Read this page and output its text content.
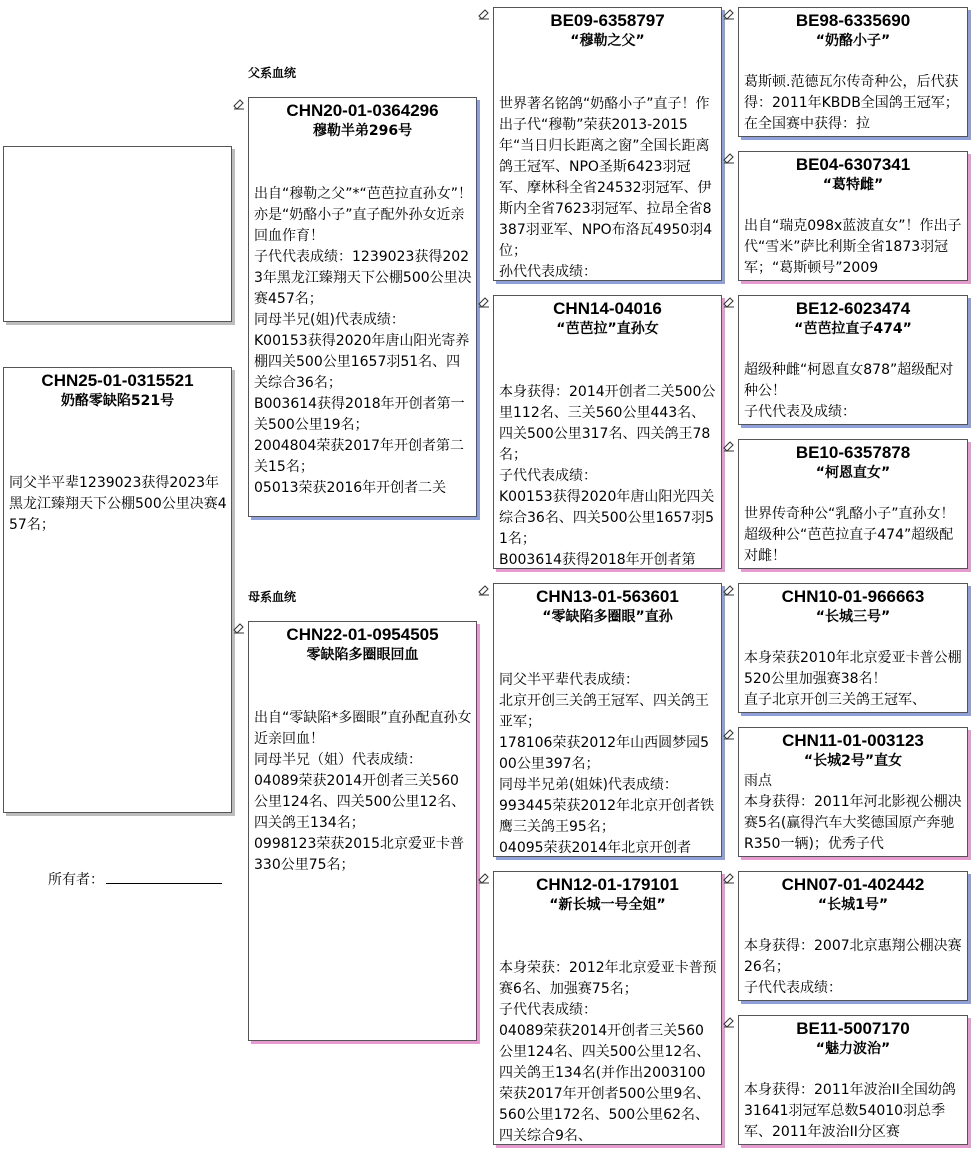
父系血统
母系血统
CHN25-01-0315521
奶酪零缺陷521号
同父半平辈1239023获得2023年黑龙江臻翔天下公棚500公里决赛457名；
所有者：
CHN20-01-0364296
穆勒半弟296号
出自“穆勒之父”*“芭芭拉直孙女”！
亦是“奶酪小子”直子配外孙女近亲回血作育！
子代代表成绩：1239023获得2023年黑龙江臻翔天下公棚500公里决赛457名；
同母半兄(姐)代表成绩：
K00153获得2020年唐山阳光寄养棚四关500公里1657羽51名、四关综合36名；
B003614获得2018年开创者第一关500公里19名；
2004804荣获2017年开创者第二关15名；
05013荣获2016年开创者二关
CHN22-01-0954505
零缺陷多圈眼回血
出自“零缺陷*多圈眼”直孙配直孙女近亲回血！
同母半兄（姐）代表成绩：
04089荣获2014开创者三关560公里124名、四关500公里12名、四关鸽王134名；
0998123荣获2015北京爱亚卡普330公里75名；
BE09-6358797
“穆勒之父”
世界著名铭鸽“奶酪小子”直子！作出子代“穆勒”荣获2013-2015年“当日归长距离之窗”全国长距离鸽王冠军、NPO圣斯6423羽冠军、摩林科全省24532羽冠军、伊斯内全省7623羽冠军、拉昂全省8387羽亚军、NPO布洛瓦4950羽4位；
孙代代表成绩：
CHN14-04016
“芭芭拉”直孙女
本身获得：2014开创者二关500公里112名、三关560公里443名、四关500公里317名、四关鸽王78名；
子代代表成绩：
K00153获得2020年唐山阳光四关综合36名、四关500公里1657羽51名；
B003614获得2018年开创者第
CHN13-01-563601
“零缺陷多圈眼”直孙
同父半平辈代表成绩：
北京开创三关鸽王冠军、四关鸽王亚军；
178106荣获2012年山西圆梦园500公里397名；
同母半兄弟(姐妹)代表成绩：
993445荣获2012年北京开创者铁鹰三关鸽王95名；
04095荣获2014年北京开创者
CHN12-01-179101
“新长城一号全姐”
本身荣获：2012年北京爱亚卡普预赛6名、加强赛75名；
子代代表成绩：
04089荣获2014开创者三关560公里124名、四关500公里12名、四关鸽王134名(并作出2003100荣获2017年开创者500公里9名、560公里172名、500公里62名、四关综合9名、
BE98-6335690
“奶酪小子”
葛斯顿.范德瓦尔传奇种公，后代获得：2011年KBDB全国鸽王冠军；在全国赛中获得：拉
BE04-6307341
“葛特雌”
出自“瑞克098x蓝波直女”！作出子代“雪米”萨比利斯全省1873羽冠军；“葛斯顿号”2009
BE12-6023474
“芭芭拉直子474”
超级种雌“柯恩直女878”超级配对种公！
子代代表及成绩：
BE10-6357878
“柯恩直女”
世界传奇种公“乳酪小子”直孙女！超级种公“芭芭拉直子474”超级配对雌！
CHN10-01-966663
“长城三号”
本身荣获2010年北京爱亚卡普公棚520公里加强赛38名！
直子北京开创三关鸽王冠军、
CHN11-01-003123
“长城2号”直女
雨点
本身获得：2011年河北影视公棚决赛5名(赢得汽车大奖德国原产奔驰R350一辆)；优秀子代
CHN07-01-402442
“长城1号”
本身获得：2007北京惠翔公棚决赛26名；
子代代表成绩：
BE11-5007170
“魅力波治”
本身获得：2011年波治II全国幼鸽31641羽冠军总数54010羽总季军、2011年波治II分区赛
